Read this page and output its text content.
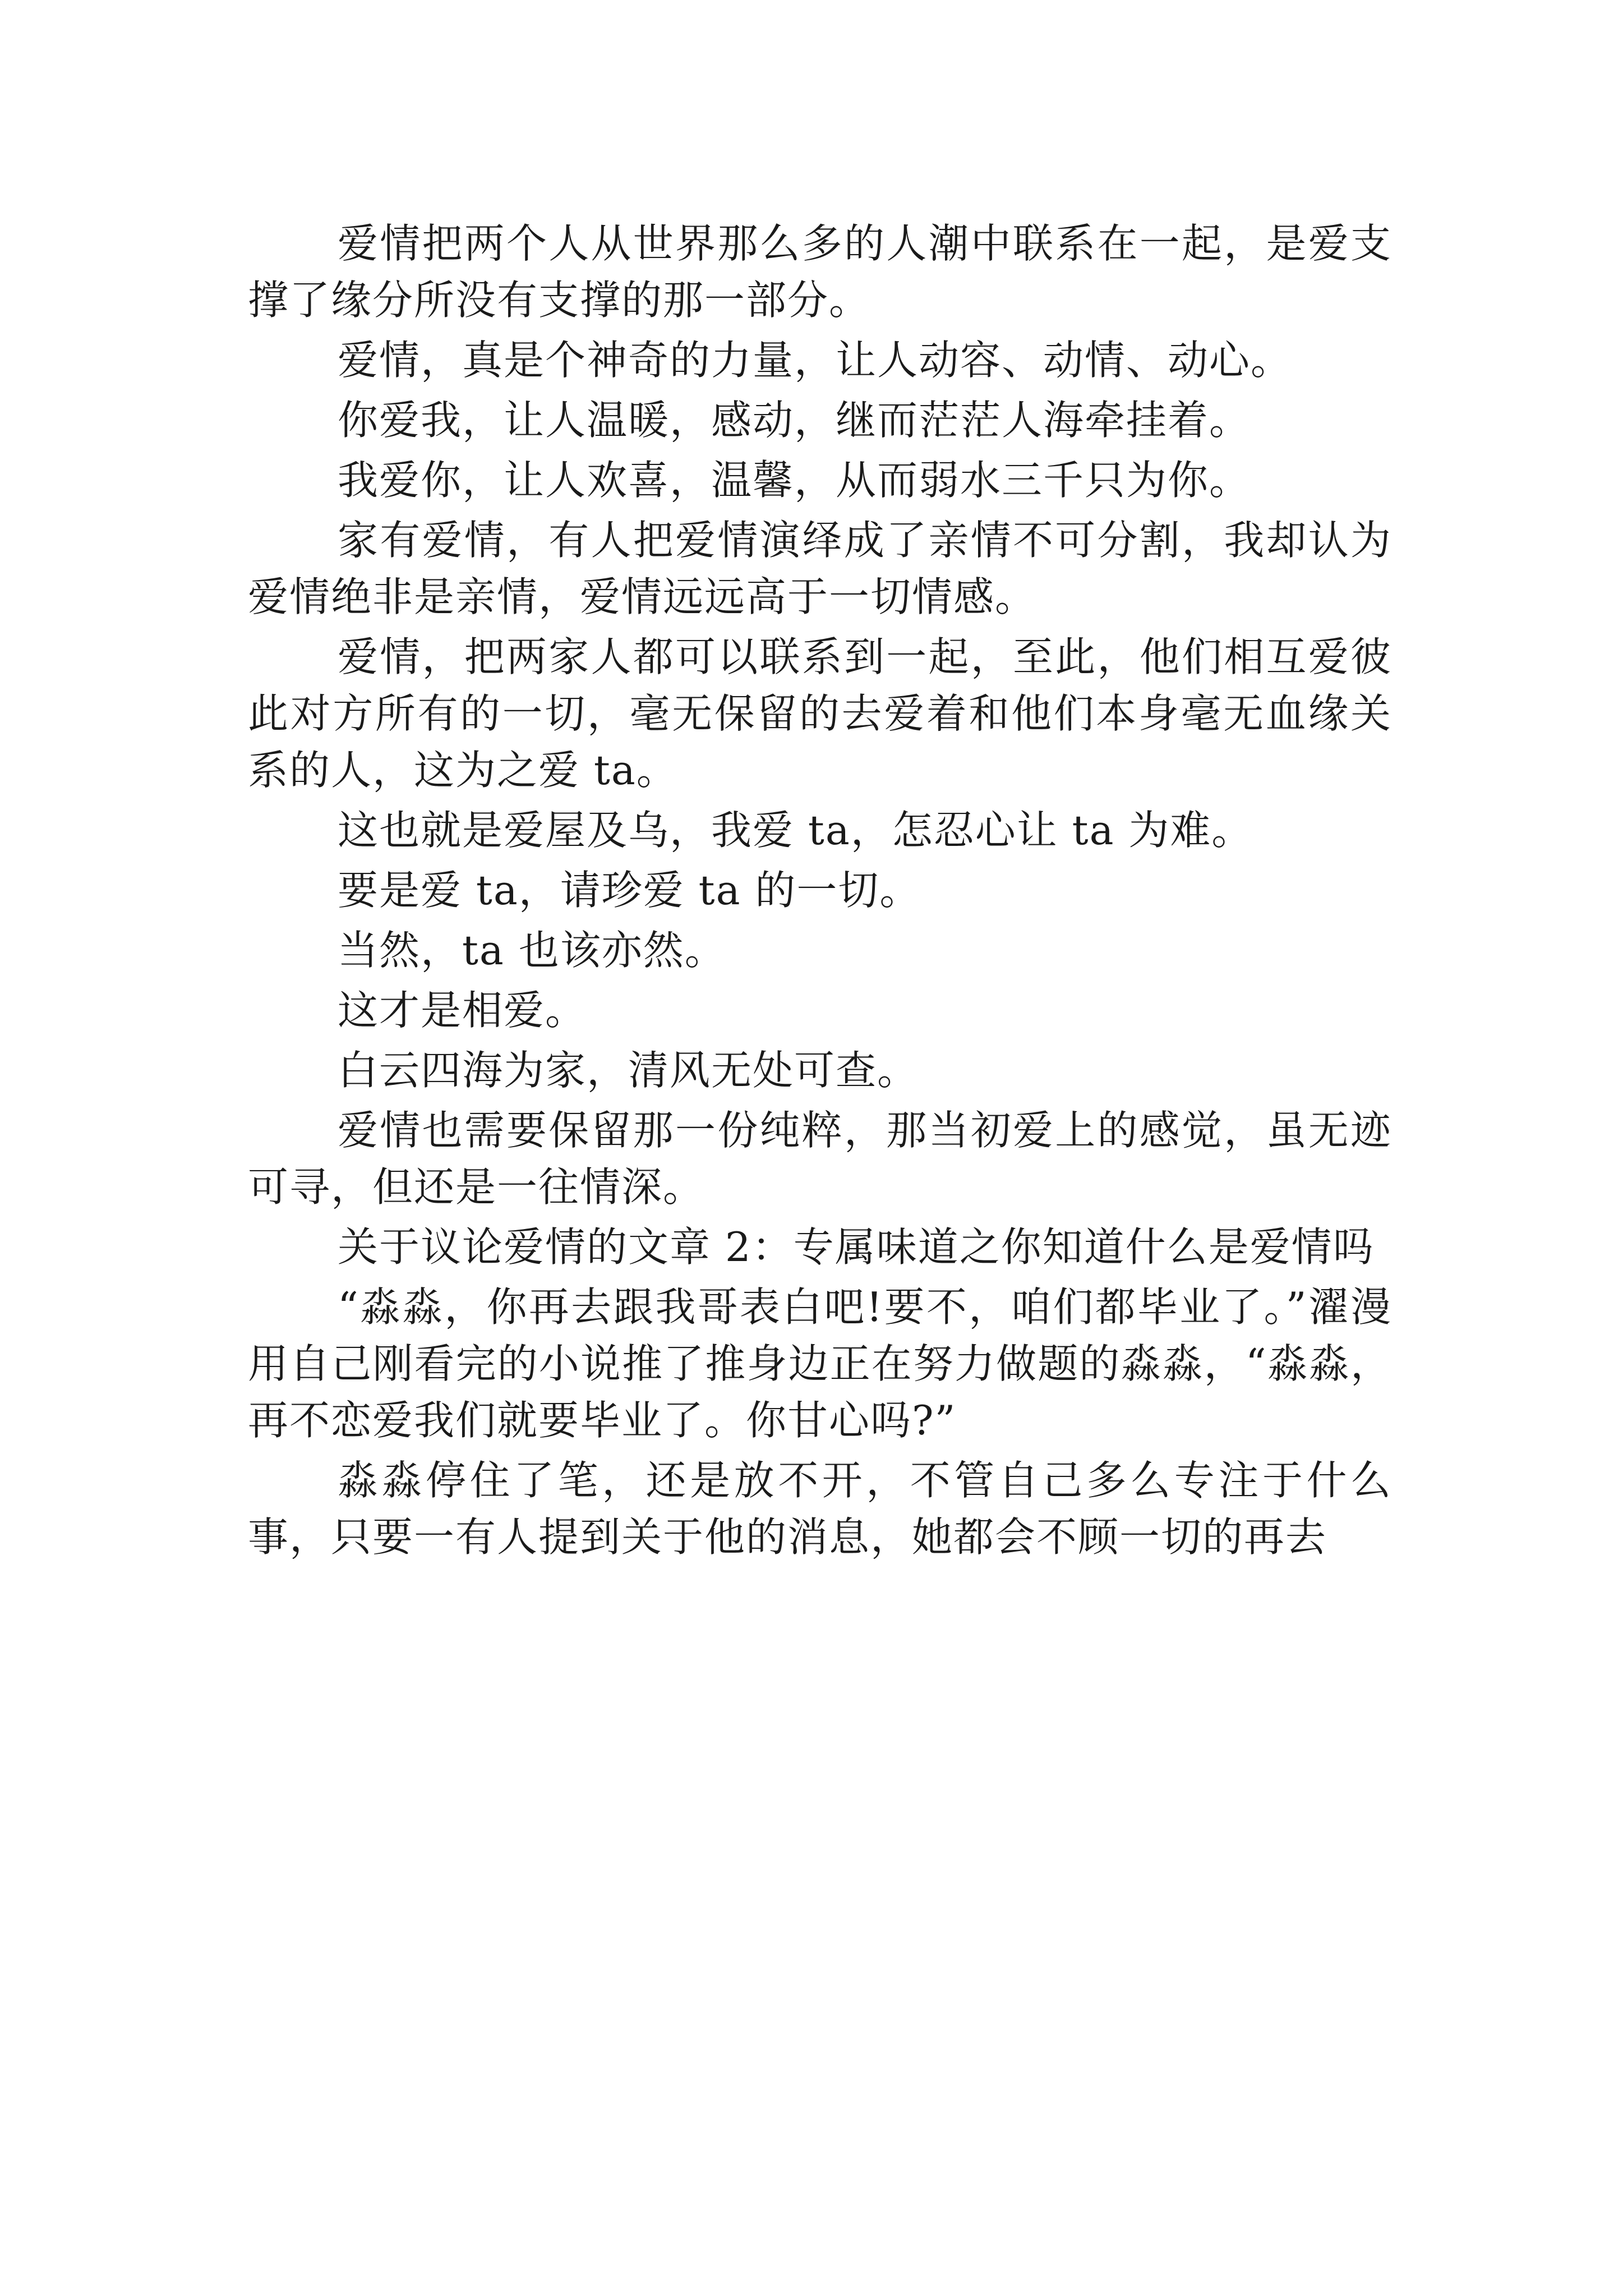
爱情把两个人从世界那么多的人潮中联系在一起，是爱支撑了缘分所没有支撑的那一部分。

爱情，真是个神奇的力量，让人动容、动情、动心。

你爱我，让人温暖，感动，继而茫茫人海牵挂着。

我爱你，让人欢喜，温馨，从而弱水三千只为你。

家有爱情，有人把爱情演绎成了亲情不可分割，我却认为爱情绝非是亲情，爱情远远高于一切情感。

爱情，把两家人都可以联系到一起，至此，他们相互爱彼此对方所有的一切，毫无保留的去爱着和他们本身毫无血缘关系的人，这为之爱 ta。

这也就是爱屋及乌，我爱 ta，怎忍心让 ta 为难。

要是爱 ta，请珍爱 ta 的一切。

当然，ta 也该亦然。

这才是相爱。

白云四海为家，清风无处可查。

爱情也需要保留那一份纯粹，那当初爱上的感觉，虽无迹可寻，但还是一往情深。

关于议论爱情的文章 2：专属味道之你知道什么是爱情吗

“淼淼，你再去跟我哥表白吧!要不，咱们都毕业了。”濯漫用自己刚看完的小说推了推身边正在努力做题的淼淼，“淼淼，再不恋爱我们就要毕业了。你甘心吗?”

淼淼停住了笔，还是放不开，不管自己多么专注于什么事，只要一有人提到关于他的消息，她都会不顾一切的再去
